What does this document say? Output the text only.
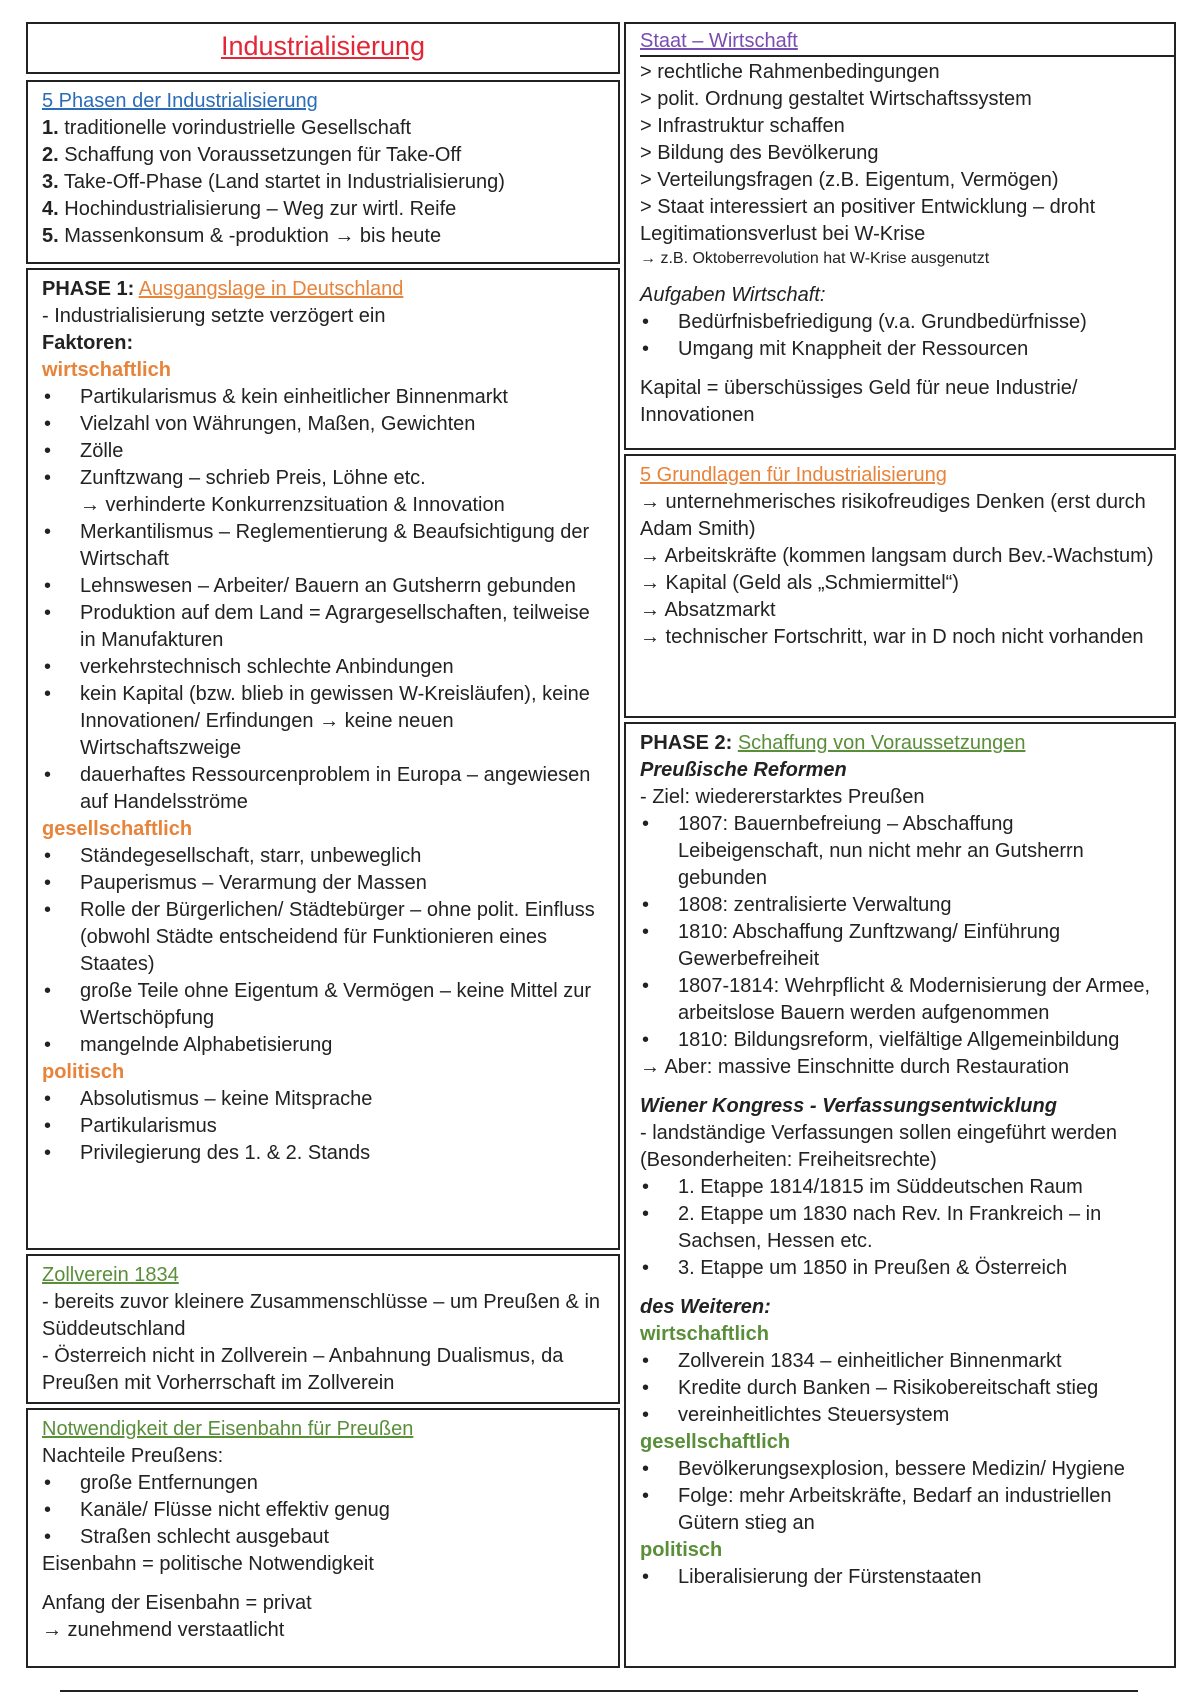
Industrialisierung
5 Phasen der Industrialisierung
1. traditionelle vorindustrielle Gesellschaft
2. Schaffung von Voraussetzungen für Take-Off
3. Take-Off-Phase (Land startet in Industrialisierung)
4. Hochindustrialisierung – Weg zur wirtl. Reife
5. Massenkonsum & -produktion → bis heute
PHASE 1: Ausgangslage in Deutschland
- Industrialisierung setzte verzögert ein
Faktoren:
wirtschaftlich
• Partikularismus & kein einheitlicher Binnenmarkt
• Vielzahl von Währungen, Maßen, Gewichten
• Zölle
• Zunftzwang – schrieb Preis, Löhne etc.
→ verhinderte Konkurrenzsituation & Innovation
• Merkantilismus – Reglementierung & Beaufsichtigung der Wirtschaft
• Lehnswesen – Arbeiter/ Bauern an Gutsherrn gebunden
• Produktion auf dem Land = Agrargesellschaften, teilweise in Manufakturen
• verkehrstechnisch schlechte Anbindungen
• kein Kapital (bzw. blieb in gewissen W-Kreisläufen), keine Innovationen/ Erfindungen → keine neuen Wirtschaftszweige
• dauerhaftes Ressourcenproblem in Europa – angewiesen auf Handelsströme
gesellschaftlich
• Ständegesellschaft, starr, unbeweglich
• Pauperismus – Verarmung der Massen
• Rolle der Bürgerlichen/ Städtebürger – ohne polit. Einfluss (obwohl Städte entscheidend für Funktionieren eines Staates)
• große Teile ohne Eigentum & Vermögen – keine Mittel zur Wertschöpfung
• mangelnde Alphabetisierung
politisch
• Absolutismus – keine Mitsprache
• Partikularismus
• Privilegierung des 1. & 2. Stands
Zollverein 1834
- bereits zuvor kleinere Zusammenschlüsse – um Preußen & in Süddeutschland
- Österreich nicht in Zollverein – Anbahnung Dualismus, da Preußen mit Vorherrschaft im Zollverein
Notwendigkeit der Eisenbahn für Preußen
Nachteile Preußens:
• große Entfernungen
• Kanäle/ Flüsse nicht effektiv genug
• Straßen schlecht ausgebaut
Eisenbahn = politische Notwendigkeit
Anfang der Eisenbahn = privat
→ zunehmend verstaatlicht
Staat – Wirtschaft
> rechtliche Rahmenbedingungen
> polit. Ordnung gestaltet Wirtschaftssystem
> Infrastruktur schaffen
> Bildung des Bevölkerung
> Verteilungsfragen (z.B. Eigentum, Vermögen)
> Staat interessiert an positiver Entwicklung – droht Legitimationsverlust bei W-Krise
→ z.B. Oktoberrevolution hat W-Krise ausgenutzt
Aufgaben Wirtschaft:
• Bedürfnisbefriedigung (v.a. Grundbedürfnisse)
• Umgang mit Knappheit der Ressourcen
Kapital = überschüssiges Geld für neue Industrie/ Innovationen
5 Grundlagen für Industrialisierung
→ unternehmerisches risikofreudiges Denken (erst durch Adam Smith)
→ Arbeitskräfte (kommen langsam durch Bev.-Wachstum)
→ Kapital (Geld als „Schmiermittel“)
→ Absatzmarkt
→ technischer Fortschritt, war in D noch nicht vorhanden
PHASE 2: Schaffung von Voraussetzungen
Preußische Reformen
- Ziel: wiedererstarktes Preußen
• 1807: Bauernbefreiung – Abschaffung Leibeigenschaft, nun nicht mehr an Gutsherrn gebunden
• 1808: zentralisierte Verwaltung
• 1810: Abschaffung Zunftzwang/ Einführung Gewerbefreiheit
• 1807-1814: Wehrpflicht & Modernisierung der Armee, arbeitslose Bauern werden aufgenommen
• 1810: Bildungsreform, vielfältige Allgemeinbildung
→ Aber: massive Einschnitte durch Restauration
Wiener Kongress - Verfassungsentwicklung
- landständige Verfassungen sollen eingeführt werden (Besonderheiten: Freiheitsrechte)
• 1. Etappe 1814/1815 im Süddeutschen Raum
• 2. Etappe um 1830 nach Rev. In Frankreich – in Sachsen, Hessen etc.
• 3. Etappe um 1850 in Preußen & Österreich
des Weiteren:
wirtschaftlich
• Zollverein 1834 – einheitlicher Binnenmarkt
• Kredite durch Banken – Risikobereitschaft stieg
• vereinheitlichtes Steuersystem
gesellschaftlich
• Bevölkerungsexplosion, bessere Medizin/ Hygiene
• Folge: mehr Arbeitskräfte, Bedarf an industriellen Gütern stieg an
politisch
• Liberalisierung der Fürstenstaaten
